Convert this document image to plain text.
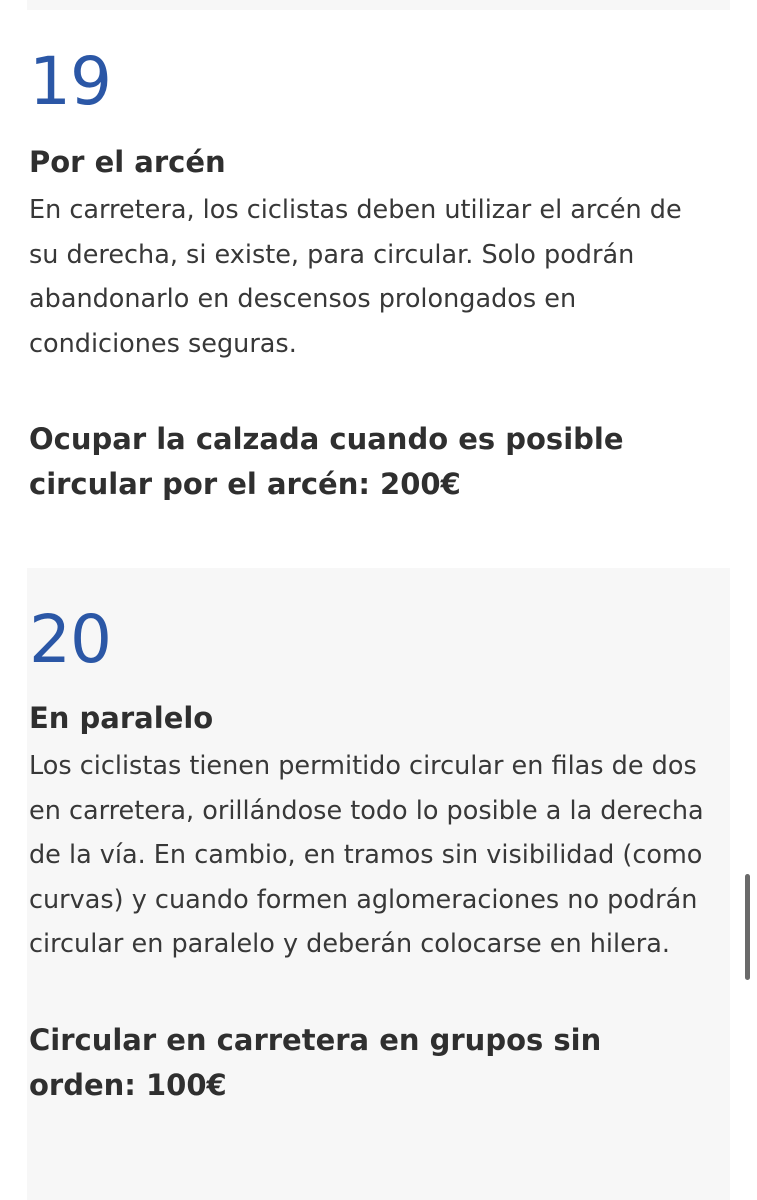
19
Por el arcén

En carretera, los ciclistas deben utilizar el arcén de su derecha, si existe, para circular. Solo podrán abandonarlo en descensos prolongados en condiciones seguras.

Ocupar la calzada cuando es posible circular por el arcén: 200€

20
En paralelo

Los ciclistas tienen permitido circular en filas de dos en carretera, orillándose todo lo posible a la derecha de la vía. En cambio, en tramos sin visibilidad (como curvas) y cuando formen aglomeraciones no podrán circular en paralelo y deberán colocarse en hilera.

Circular en carretera en grupos sin orden: 100€
